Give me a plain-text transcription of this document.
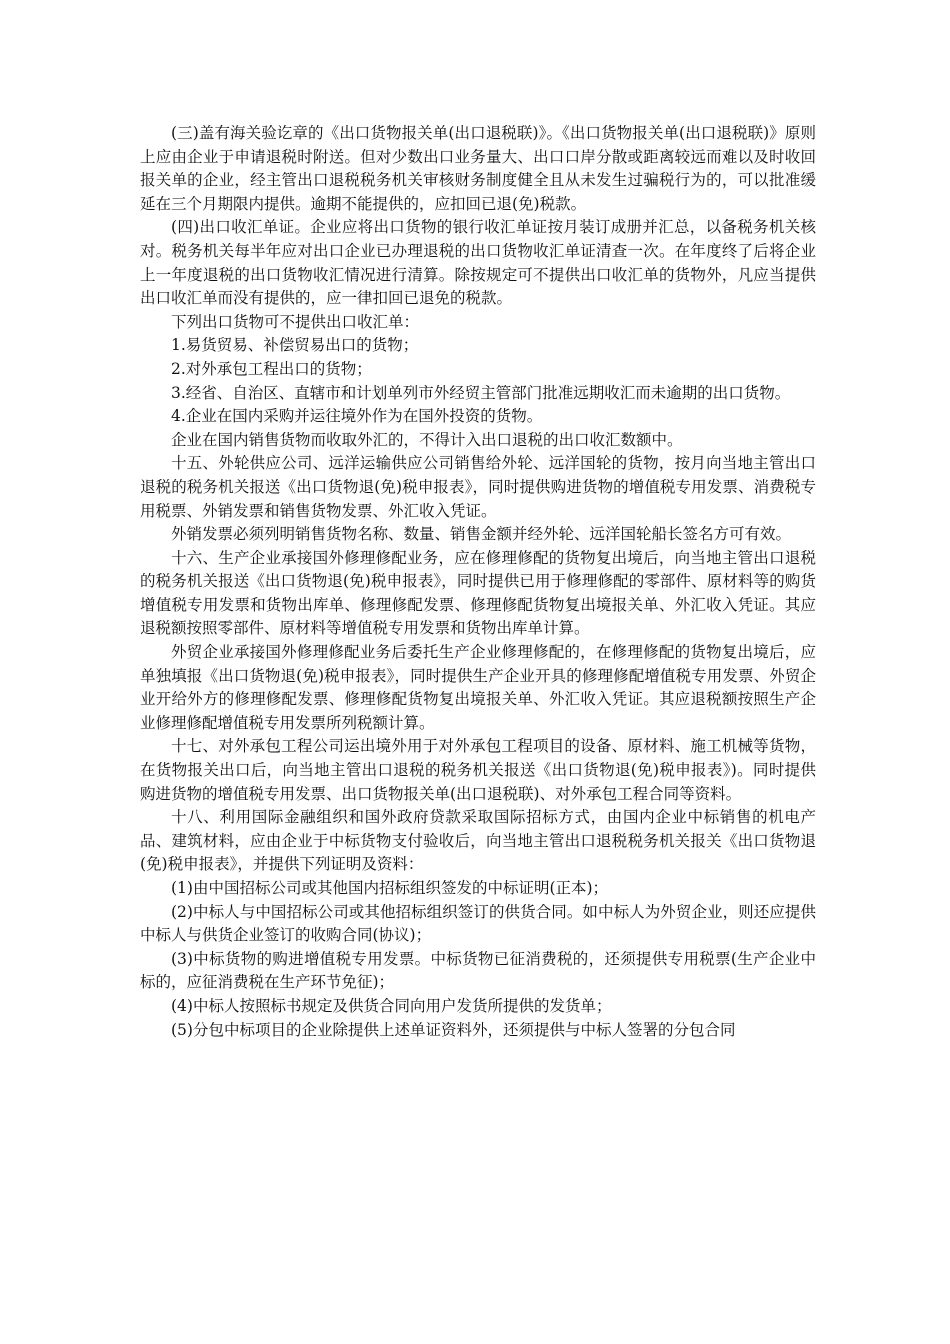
(三)盖有海关验讫章的《出口货物报关单(出口退税联)》。《出口货物报关单(出口退税联)》原则上应由企业于申请退税时附送。但对少数出口业务量大、出口口岸分散或距离较远而难以及时收回报关单的企业，经主管出口退税税务机关审核财务制度健全且从未发生过骗税行为的，可以批准缓延在三个月期限内提供。逾期不能提供的，应扣回已退(免)税款。

(四)出口收汇单证。企业应将出口货物的银行收汇单证按月装订成册并汇总，以备税务机关核对。税务机关每半年应对出口企业已办理退税的出口货物收汇单证清查一次。在年度终了后将企业上一年度退税的出口货物收汇情况进行清算。除按规定可不提供出口收汇单的货物外，凡应当提供出口收汇单而没有提供的，应一律扣回已退免的税款。

下列出口货物可不提供出口收汇单：

1.易货贸易、补偿贸易出口的货物；

2.对外承包工程出口的货物；

3.经省、自治区、直辖市和计划单列市外经贸主管部门批准远期收汇而未逾期的出口货物。

4.企业在国内采购并运往境外作为在国外投资的货物。

企业在国内销售货物而收取外汇的，不得计入出口退税的出口收汇数额中。

十五、外轮供应公司、远洋运输供应公司销售给外轮、远洋国轮的货物，按月向当地主管出口退税的税务机关报送《出口货物退(免)税申报表》，同时提供购进货物的增值税专用发票、消费税专用税票、外销发票和销售货物发票、外汇收入凭证。

外销发票必须列明销售货物名称、数量、销售金额并经外轮、远洋国轮船长签名方可有效。

十六、生产企业承接国外修理修配业务，应在修理修配的货物复出境后，向当地主管出口退税的税务机关报送《出口货物退(免)税申报表》，同时提供已用于修理修配的零部件、原材料等的购货增值税专用发票和货物出库单、修理修配发票、修理修配货物复出境报关单、外汇收入凭证。其应退税额按照零部件、原材料等增值税专用发票和货物出库单计算。

外贸企业承接国外修理修配业务后委托生产企业修理修配的，在修理修配的货物复出境后，应单独填报《出口货物退(免)税申报表》，同时提供生产企业开具的修理修配增值税专用发票、外贸企业开给外方的修理修配发票、修理修配货物复出境报关单、外汇收入凭证。其应退税额按照生产企业修理修配增值税专用发票所列税额计算。

十七、对外承包工程公司运出境外用于对外承包工程项目的设备、原材料、施工机械等货物，在货物报关出口后，向当地主管出口退税的税务机关报送《出口货物退(免)税申报表》)。同时提供购进货物的增值税专用发票、出口货物报关单(出口退税联)、对外承包工程合同等资料。

十八、利用国际金融组织和国外政府贷款采取国际招标方式，由国内企业中标销售的机电产品、建筑材料，应由企业于中标货物支付验收后，向当地主管出口退税税务机关报关《出口货物退(免)税申报表》，并提供下列证明及资料：

(1)由中国招标公司或其他国内招标组织签发的中标证明(正本)；

(2)中标人与中国招标公司或其他招标组织签订的供货合同。如中标人为外贸企业，则还应提供中标人与供货企业签订的收购合同(协议)；

(3)中标货物的购进增值税专用发票。中标货物已征消费税的，还须提供专用税票(生产企业中标的，应征消费税在生产环节免征)；

(4)中标人按照标书规定及供货合同向用户发货所提供的发货单；

(5)分包中标项目的企业除提供上述单证资料外，还须提供与中标人签署的分包合同
